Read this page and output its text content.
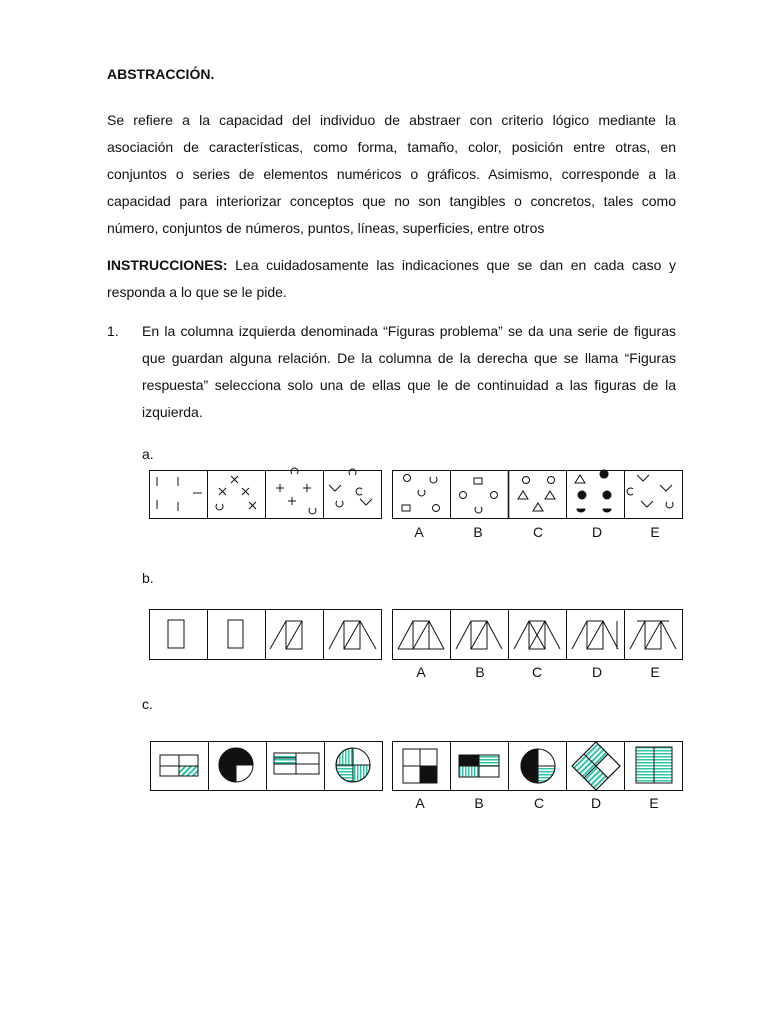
ABSTRACCIÓN.
Se refiere a la capacidad del individuo de abstraer con criterio lógico mediante la asociación de características, como forma, tamaño, color, posición entre otras, en conjuntos o series de elementos numéricos o gráficos. Asimismo, corresponde a la capacidad para interiorizar conceptos que no son tangibles o concretos, tales como número, conjuntos de números, puntos, líneas, superficies, entre otros
INSTRUCCIONES: Lea cuidadosamente las indicaciones que se dan en cada caso y responda a lo que se le pide.
1. En la columna izquierda denominada “Figuras problema” se da una serie de figuras que guardan alguna relación. De la columna de la derecha que se llama “Figuras respuesta” selecciona solo una de ellas que le de continuidad a las figuras de la izquierda.
a.
b.
c.
A	B	C	D	E
A	B	C	D	E
A	B	C	D	E
